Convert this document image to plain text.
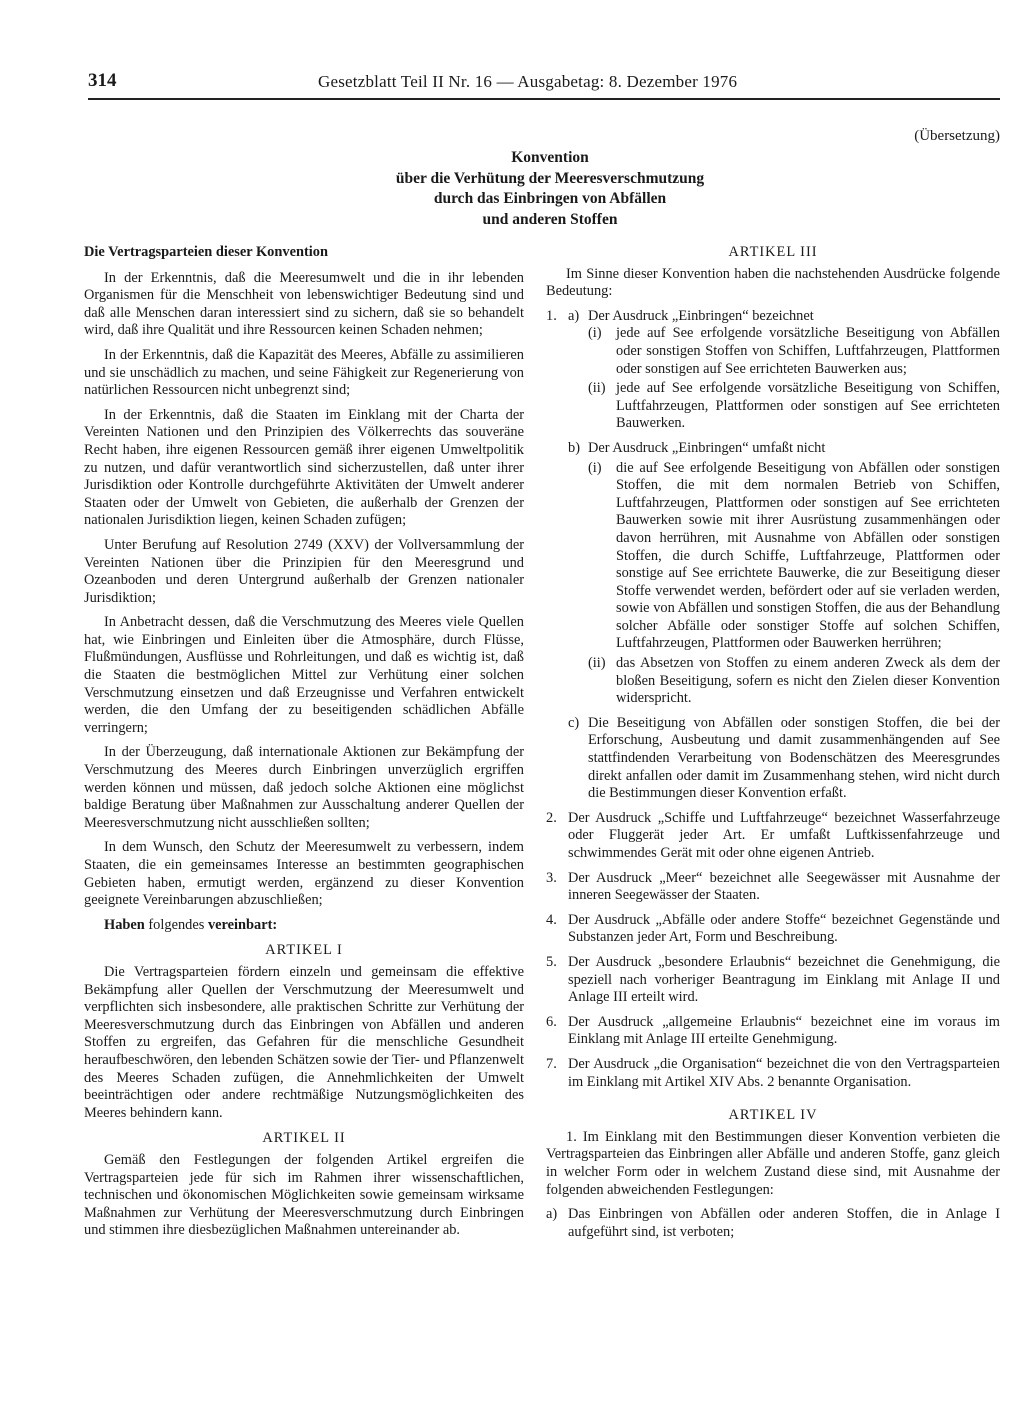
314	Gesetzblatt Teil II Nr. 16 — Ausgabetag: 8. Dezember 1976
(Übersetzung)
Konvention
über die Verhütung der Meeresverschmutzung
durch das Einbringen von Abfällen
und anderen Stoffen

Die Vertragsparteien dieser Konvention

In der Erkenntnis, daß die Meeresumwelt und die in ihr lebenden Organismen für die Menschheit von lebenswichtiger Bedeutung sind und daß alle Menschen daran interessiert sind zu sichern, daß sie so behandelt wird, daß ihre Qualität und ihre Ressourcen keinen Schaden nehmen;

In der Erkenntnis, daß die Kapazität des Meeres, Abfälle zu assimilieren und sie unschädlich zu machen, und seine Fähigkeit zur Regenerierung von natürlichen Ressourcen nicht unbegrenzt sind;

In der Erkenntnis, daß die Staaten im Einklang mit der Charta der Vereinten Nationen und den Prinzipien des Völkerrechts das souveräne Recht haben, ihre eigenen Ressourcen gemäß ihrer eigenen Umweltpolitik zu nutzen, und dafür verantwortlich sind sicherzustellen, daß unter ihrer Jurisdiktion oder Kontrolle durchgeführte Aktivitäten der Umwelt anderer Staaten oder der Umwelt von Gebieten, die außerhalb der Grenzen der nationalen Jurisdiktion liegen, keinen Schaden zufügen;

Unter Berufung auf Resolution 2749 (XXV) der Vollversammlung der Vereinten Nationen über die Prinzipien für den Meeresgrund und Ozeanboden und deren Untergrund außerhalb der Grenzen nationaler Jurisdiktion;

In Anbetracht dessen, daß die Verschmutzung des Meeres viele Quellen hat, wie Einbringen und Einleiten über die Atmosphäre, durch Flüsse, Flußmündungen, Ausflüsse und Rohrleitungen, und daß es wichtig ist, daß die Staaten die bestmöglichen Mittel zur Verhütung einer solchen Verschmutzung einsetzen und daß Erzeugnisse und Verfahren entwickelt werden, die den Umfang der zu beseitigenden schädlichen Abfälle verringern;

In der Überzeugung, daß internationale Aktionen zur Bekämpfung der Verschmutzung des Meeres durch Einbringen unverzüglich ergriffen werden können und müssen, daß jedoch solche Aktionen eine möglichst baldige Beratung über Maßnahmen zur Ausschaltung anderer Quellen der Meeresverschmutzung nicht ausschließen sollten;

In dem Wunsch, den Schutz der Meeresumwelt zu verbessern, indem Staaten, die ein gemeinsames Interesse an bestimmten geographischen Gebieten haben, ermutigt werden, ergänzend zu dieser Konvention geeignete Vereinbarungen abzuschließen;

Haben folgendes vereinbart:

ARTIKEL I

Die Vertragsparteien fördern einzeln und gemeinsam die effektive Bekämpfung aller Quellen der Verschmutzung der Meeresumwelt und verpflichten sich insbesondere, alle praktischen Schritte zur Verhütung der Meeresverschmutzung durch das Einbringen von Abfällen und anderen Stoffen zu ergreifen, das Gefahren für die menschliche Gesundheit heraufbeschwören, den lebenden Schätzen sowie der Tier- und Pflanzenwelt des Meeres Schaden zufügen, die Annehmlichkeiten der Umwelt beeinträchtigen oder andere rechtmäßige Nutzungsmöglichkeiten des Meeres behindern kann.

ARTIKEL II

Gemäß den Festlegungen der folgenden Artikel ergreifen die Vertragsparteien jede für sich im Rahmen ihrer wissenschaftlichen, technischen und ökonomischen Möglichkeiten sowie gemeinsam wirksame Maßnahmen zur Verhütung der Meeresverschmutzung durch Einbringen und stimmen ihre diesbezüglichen Maßnahmen untereinander ab.

ARTIKEL III

Im Sinne dieser Konvention haben die nachstehenden Ausdrücke folgende Bedeutung:

1. a) Der Ausdruck „Einbringen“ bezeichnet
(i)	jede auf See erfolgende vorsätzliche Beseitigung von Abfällen oder sonstigen Stoffen von Schiffen, Luftfahrzeugen, Plattformen oder sonstigen auf See errichteten Bauwerken aus;
(ii) jede auf See erfolgende vorsätzliche Beseitigung von Schiffen, Luftfahrzeugen, Plattformen oder sonstigen auf See errichteten Bauwerken.
b) Der Ausdruck „Einbringen“ umfaßt nicht
(i)	die auf See erfolgende Beseitigung von Abfällen oder sonstigen Stoffen, die mit dem normalen Betrieb von Schiffen, Luftfahrzeugen, Plattformen oder sonstigen auf See errichteten Bauwerken sowie mit ihrer Ausrüstung zusammenhängen oder davon herrühren, mit Ausnahme von Abfällen oder sonstigen Stoffen, die durch Schiffe, Luftfahrzeuge, Plattformen oder sonstige auf See errichtete Bauwerke, die zur Beseitigung dieser Stoffe verwendet werden, befördert oder auf sie verladen werden, sowie von Abfällen und sonstigen Stoffen, die aus der Behandlung solcher Abfälle oder sonstiger Stoffe auf solchen Schiffen, Luftfahrzeugen, Plattformen oder Bauwerken herrühren;
(ii) das Absetzen von Stoffen zu einem anderen Zweck als dem der bloßen Beseitigung, sofern es nicht den Zielen dieser Konvention widerspricht.
c) Die Beseitigung von Abfällen oder sonstigen Stoffen, die bei der Erforschung, Ausbeutung und damit zusammenhängenden auf See stattfindenden Verarbeitung von Bodenschätzen des Meeresgrundes direkt anfallen oder damit im Zusammenhang stehen, wird nicht durch die Bestimmungen dieser Konvention erfaßt.
2. Der Ausdruck „Schiffe und Luftfahrzeuge“ bezeichnet Wasserfahrzeuge oder Fluggerät jeder Art. Er umfaßt Luftkissenfahrzeuge und schwimmendes Gerät mit oder ohne eigenen Antrieb.
3. Der Ausdruck „Meer“ bezeichnet alle Seegewässer mit Ausnahme der inneren Seegewässer der Staaten.
4. Der Ausdruck „Abfälle oder andere Stoffe“ bezeichnet Gegenstände und Substanzen jeder Art, Form und Beschreibung.
5. Der Ausdruck „besondere Erlaubnis“ bezeichnet die Genehmigung, die speziell nach vorheriger Beantragung im Einklang mit Anlage II und Anlage III erteilt wird.
6. Der Ausdruck „allgemeine Erlaubnis“ bezeichnet eine im voraus im Einklang mit Anlage III erteilte Genehmigung.
7. Der Ausdruck „die Organisation“ bezeichnet die von den Vertragsparteien im Einklang mit Artikel XIV Abs. 2 benannte Organisation.

ARTIKEL IV

1. Im Einklang mit den Bestimmungen dieser Konvention verbieten die Vertragsparteien das Einbringen aller Abfälle und anderen Stoffe, ganz gleich in welcher Form oder in welchem Zustand diese sind, mit Ausnahme der folgenden abweichenden Festlegungen:

a) Das Einbringen von Abfällen oder anderen Stoffen, die in Anlage I aufgeführt sind, ist verboten;
